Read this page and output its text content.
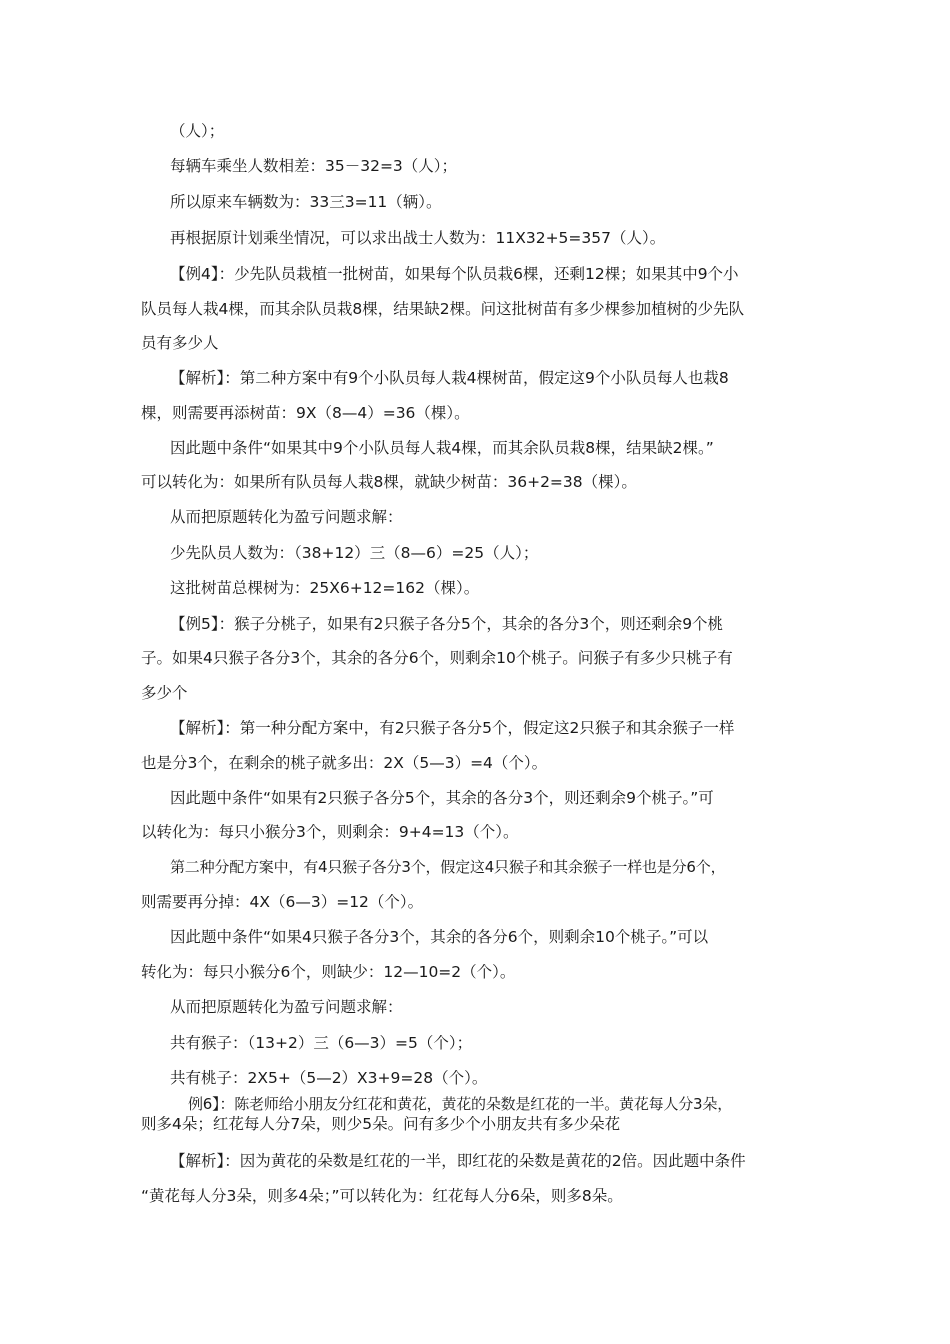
（人）；
每辆车乘坐人数相差：35－32=3（人）；
所以原来车辆数为：33三3=11（辆）。
再根据原计划乘坐情况，可以求出战士人数为：11X32+5=357（人）。
【例4】：少先队员栽植一批树苗，如果每个队员栽6棵，还剩12棵；如果其中9个小
队员每人栽4棵，而其余队员栽8棵，结果缺2棵。问这批树苗有多少棵参加植树的少先队
员有多少人
【解析】：第二种方案中有9个小队员每人栽4棵树苗，假定这9个小队员每人也栽8
棵，则需要再添树苗：9X（8—4）=36（棵）。
因此题中条件“如果其中9个小队员每人栽4棵，而其余队员栽8棵，结果缺2棵。”
可以转化为：如果所有队员每人栽8棵，就缺少树苗：36+2=38（棵）。
从而把原题转化为盈亏问题求解：
少先队员人数为：（38+12）三（8—6）=25（人）；
这批树苗总棵树为：25X6+12=162（棵）。
【例5】：猴子分桃子，如果有2只猴子各分5个，其余的各分3个，则还剩余9个桃
子。如果4只猴子各分3个，其余的各分6个，则剩余10个桃子。问猴子有多少只桃子有
多少个
【解析】：第一种分配方案中，有2只猴子各分5个，假定这2只猴子和其余猴子一样
也是分3个，在剩余的桃子就多出：2X（5—3）=4（个）。
因此题中条件“如果有2只猴子各分5个，其余的各分3个，则还剩余9个桃子。”可
以转化为：每只小猴分3个，则剩余：9+4=13（个）。
第二种分配方案中，有4只猴子各分3个，假定这4只猴子和其余猴子一样也是分6个，
则需要再分掉：4X（6—3）=12（个）。
因此题中条件“如果4只猴子各分3个，其余的各分6个，则剩余10个桃子。”可以
转化为：每只小猴分6个，则缺少：12—10=2（个）。
从而把原题转化为盈亏问题求解：
共有猴子：（13+2）三（6—3）=5（个）；
共有桃子：2X5+（5—2）X3+9=28（个）。
例6】：陈老师给小朋友分红花和黄花，黄花的朵数是红花的一半。黄花每人分3朵，
则多4朵；红花每人分7朵，则少5朵。问有多少个小朋友共有多少朵花
【解析】：因为黄花的朵数是红花的一半，即红花的朵数是黄花的2倍。因此题中条件
“黄花每人分3朵，则多4朵；”可以转化为：红花每人分6朵，则多8朵。
